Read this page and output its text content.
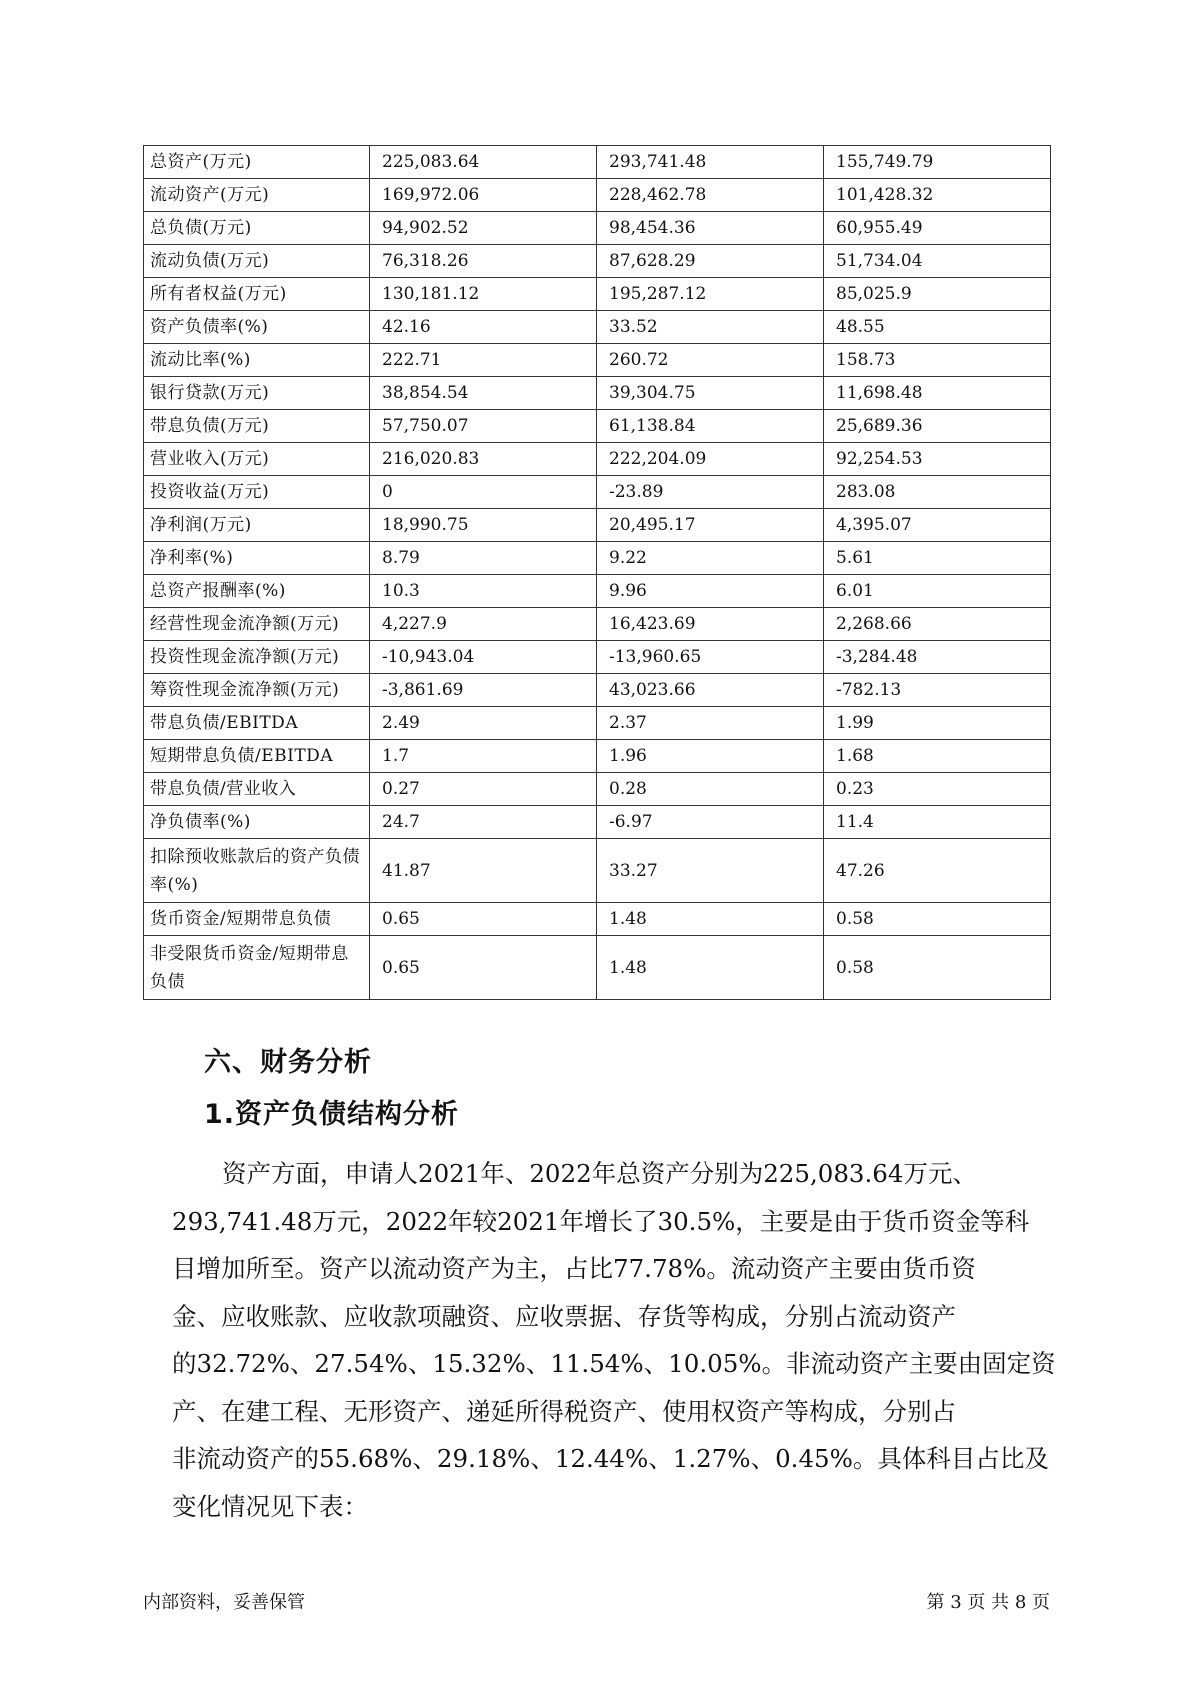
总资产(万元)	225,083.64	293,741.48	155,749.79
流动资产(万元)	169,972.06	228,462.78	101,428.32
总负债(万元)	94,902.52	98,454.36	60,955.49
流动负债(万元)	76,318.26	87,628.29	51,734.04
所有者权益(万元)	130,181.12	195,287.12	85,025.9
资产负债率(%)	42.16	33.52	48.55
流动比率(%)	222.71	260.72	158.73
银行贷款(万元)	38,854.54	39,304.75	11,698.48
带息负债(万元)	57,750.07	61,138.84	25,689.36
营业收入(万元)	216,020.83	222,204.09	92,254.53
投资收益(万元)	0	-23.89	283.08
净利润(万元)	18,990.75	20,495.17	4,395.07
净利率(%)	8.79	9.22	5.61
总资产报酬率(%)	10.3	9.96	6.01
经营性现金流净额(万元)	4,227.9	16,423.69	2,268.66
投资性现金流净额(万元)	-10,943.04	-13,960.65	-3,284.48
筹资性现金流净额(万元)	-3,861.69	43,023.66	-782.13
带息负债/EBITDA	2.49	2.37	1.99
短期带息负债/EBITDA	1.7	1.96	1.68
带息负债/营业收入	0.27	0.28	0.23
净负债率(%)	24.7	-6.97	11.4
扣除预收账款后的资产负债率(%)	41.87	33.27	47.26
货币资金/短期带息负债	0.65	1.48	0.58
非受限货币资金/短期带息负债	0.65	1.48	0.58
六、财务分析
1.资产负债结构分析
资产方面，申请人2021年、2022年总资产分别为225,083.64万元、
293,741.48万元，2022年较2021年增长了30.5%，主要是由于货币资金等科
目增加所至。资产以流动资产为主，占比77.78%。流动资产主要由货币资
金、应收账款、应收款项融资、应收票据、存货等构成，分别占流动资产
的32.72%、27.54%、15.32%、11.54%、10.05%。非流动资产主要由固定资
产、在建工程、无形资产、递延所得税资产、使用权资产等构成，分别占
非流动资产的55.68%、29.18%、12.44%、1.27%、0.45%。具体科目占比及
变化情况见下表：
内部资料，妥善保管	第 3 页 共 8 页
